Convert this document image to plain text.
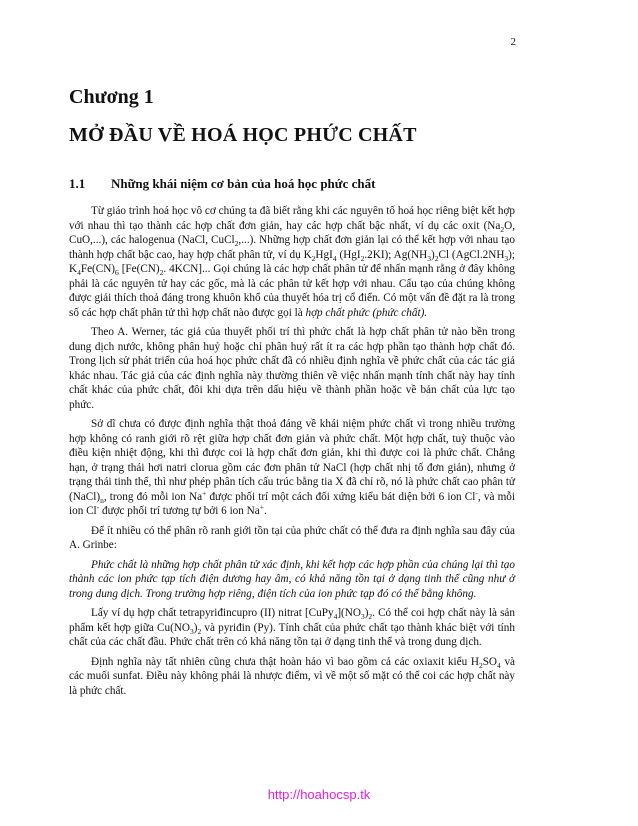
2
Chương 1
MỞ ĐẦU VỀ HOÁ HỌC PHỨC CHẤT
1.1 Những khái niệm cơ bản của hoá học phức chất

Từ giáo trình hoá học vô cơ chúng ta đã biết rằng khi các nguyên tố hoá học riêng biệt kết hợp với nhau thì tạo thành các hợp chất đơn giản, hay các hợp chất bậc nhất, ví dụ các oxit ($Na_2O$, CuO,...), các halogenua (NaCl, CuCl$_2$,...). Những hợp chất đơn giản lại có thể kết hợp với nhau tạo thành hợp chất bậc cao, hay hợp chất phân tử, ví dụ $K_2HgI_4$ (HgI$_2$.2KI); $Ag(NH_3)_2Cl$ $(AgCl.2NH_3)$; $K_4Fe(CN)_6$ [$Fe(CN)_2$. 4KCN]... Gọi chúng là các hợp chất phân tử để nhấn mạnh rằng ở đây không phải là các nguyên tử hay các gốc, mà là các phân tử kết hợp với nhau. Cấu tạo của chúng không được giải thích thoả đáng trong khuôn khổ của thuyết hóa trị cổ điển. Có một vấn đề đặt ra là trong số các hợp chất phân tử thì hợp chất nào được gọi là hợp chất phức (phức chất).

Theo A. Werner, tác giả của thuyết phối trí thì phức chất là hợp chất phân tử nào bền trong dung dịch nước, không phân huỷ hoặc chỉ phân huỷ rất ít ra các hợp phần tạo thành hợp chất đó. Trong lịch sử phát triển của hoá học phức chất đã có nhiều định nghĩa về phức chất của các tác giả khác nhau. Tác giả của các định nghĩa này thường thiên về việc nhấn mạnh tính chất này hay tính chất khác của phức chất, đôi khi dựa trên dấu hiệu về thành phần hoặc về bản chất của lực tạo phức.

Sở dĩ chưa có được định nghĩa thật thoả đáng về khái niệm phức chất vì trong nhiều trường hợp không có ranh giới rõ rệt giữa hợp chất đơn giản và phức chất. Một hợp chất, tuỳ thuộc vào điều kiện nhiệt động, khi thì được coi là hợp chất đơn giản, khi thì được coi là phức chất. Chẳng hạn, ở trạng thái hơi natri clorua gồm các đơn phân tử NaCl (hợp chất nhị tố đơn giản), nhưng ở trạng thái tinh thể, thì như phép phân tích cấu trúc bằng tia X đã chỉ rõ, nó là phức chất cao phân tử $(NaCl)_n$, trong đó mỗi ion Na+ được phối trí một cách đối xứng kiểu bát diện bởi 6 ion Cl-, và mỗi ion Cl- được phối trí tương tự bởi 6 ion Na+.

Để ít nhiều có thể phân rõ ranh giới tồn tại của phức chất có thể đưa ra định nghĩa sau đây của A. Grinbe:

Phức chất là những hợp chất phân tử xác định, khi kết hợp các hợp phần của chúng lại thì tạo thành các ion phức tạp tích điện dương hay âm, có khả năng tồn tại ở dạng tinh thể cũng như ở trong dung dịch. Trong trường hợp riêng, điện tích của ion phức tạp đó có thể bằng không.

Lấy ví dụ hợp chất tetrapyriđincupro (II) nitrat $[CuPy_4](NO_3)_2$. Có thể coi hợp chất này là sản phẩm kết hợp giữa $Cu(NO_3)_2$ và pyriđin (Py). Tính chất của phức chất tạo thành khác biệt với tính chất của các chất đầu. Phức chất trên có khả năng tồn tại ở dạng tinh thể và trong dung dịch.

Định nghĩa này tất nhiên cũng chưa thật hoàn hảo vì bao gồm cả các oxiaxit kiểu $H_2SO_4$ và các muối sunfat. Điều này không phải là nhược điểm, vì về một số mặt có thể coi các hợp chất này là phức chất.

http://hoahocsp.tk
